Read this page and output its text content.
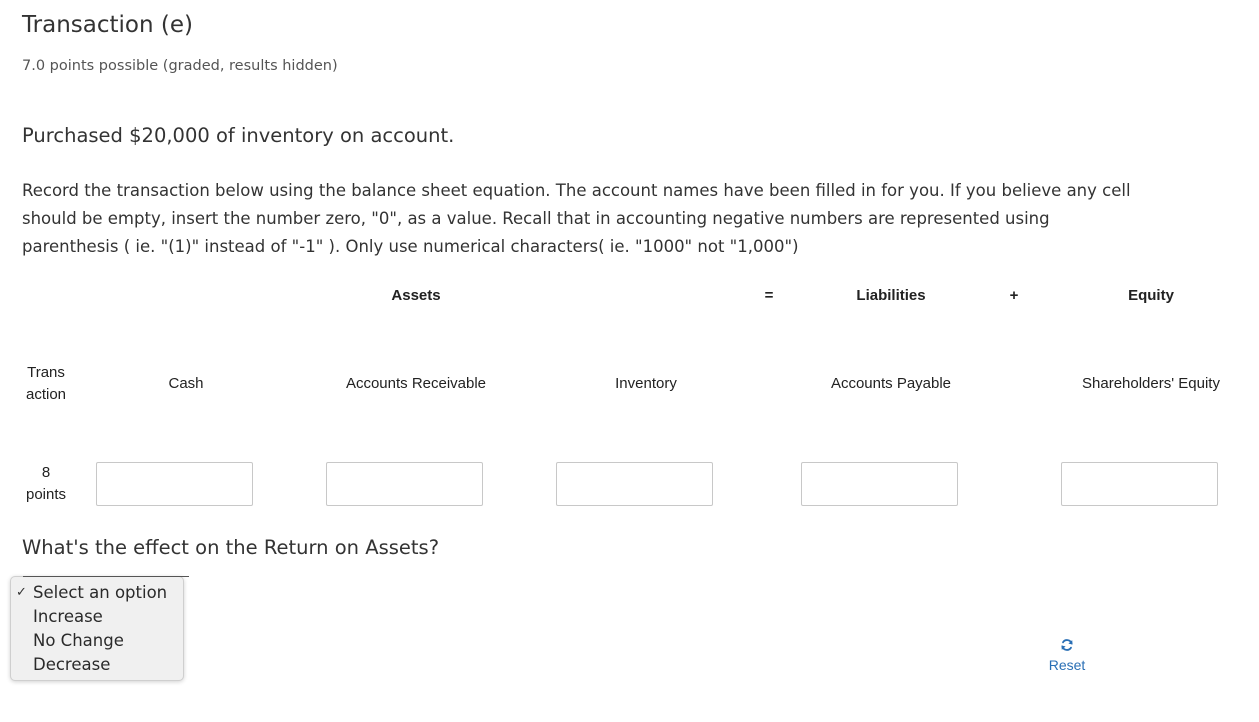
Transaction (e)
7.0 points possible (graded, results hidden)
Purchased $20,000 of inventory on account.
Record the transaction below using the balance sheet equation. The account names have been filled in for you. If you believe any cell should be empty, insert the number zero, "0", as a value. Recall that in accounting negative numbers are represented using parenthesis ( ie. "(1)" instead of "-1" ). Only use numerical characters( ie. "1000" not "1,000")
Assets	=	Liabilities	+	Equity
Trans
action
Cash	Accounts Receivable	Inventory	Accounts Payable	Shareholders' Equity
8
points
What's the effect on the Return on Assets?
✓ Select an option
Increase
No Change
Decrease	Reset
